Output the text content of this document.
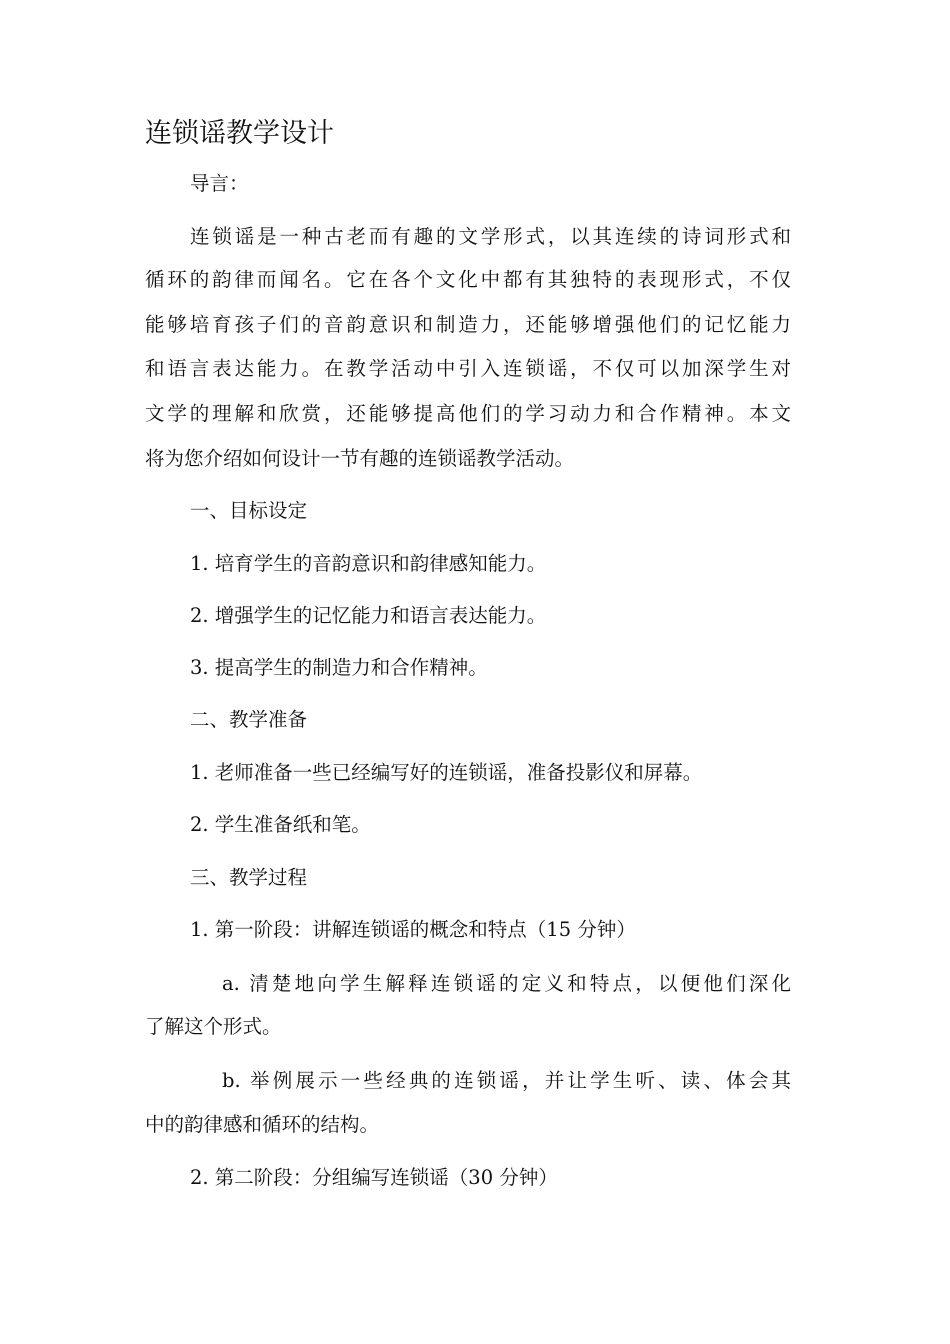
连锁谣教学设计

导言：

连锁谣是一种古老而有趣的文学形式，以其连续的诗词形式和

循环的韵律而闻名。它在各个文化中都有其独特的表现形式，不仅

能够培育孩子们的音韵意识和制造力，还能够增强他们的记忆能力

和语言表达能力。在教学活动中引入连锁谣，不仅可以加深学生对

文学的理解和欣赏，还能够提高他们的学习动力和合作精神。本文

将为您介绍如何设计一节有趣的连锁谣教学活动。

一、目标设定

1. 培育学生的音韵意识和韵律感知能力。

2. 增强学生的记忆能力和语言表达能力。

3. 提高学生的制造力和合作精神。

二、教学准备

1. 老师准备一些已经编写好的连锁谣，准备投影仪和屏幕。

2. 学生准备纸和笔。

三、教学过程

1. 第一阶段：讲解连锁谣的概念和特点（15 分钟）

a. 清楚地向学生解释连锁谣的定义和特点，以便他们深化

了解这个形式。

b. 举例展示一些经典的连锁谣，并让学生听、读、体会其

中的韵律感和循环的结构。

2. 第二阶段：分组编写连锁谣（30 分钟）
